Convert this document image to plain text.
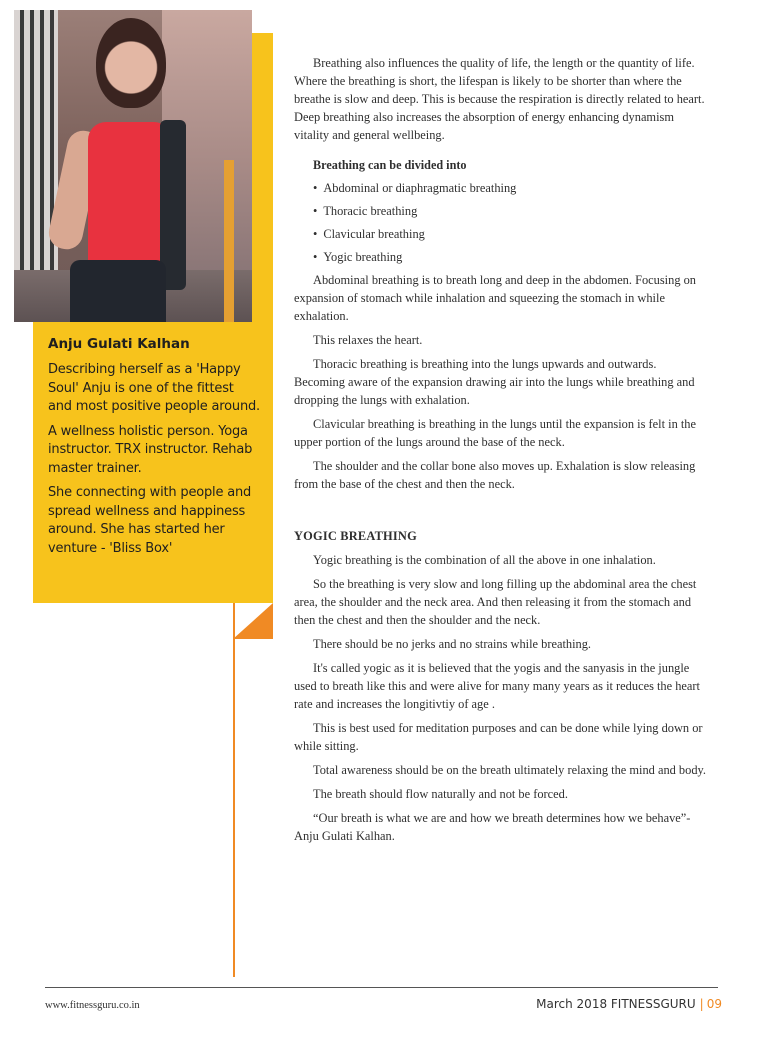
Anju Gulati Kalhan

Describing herself as a 'Happy Soul' Anju is one of the fittest and most positive people around.

A wellness holistic person. Yoga instructor. TRX instructor. Rehab master trainer.

She connecting with people and spread wellness and happiness around. She has started her venture - 'Bliss Box'

Breathing also influences the quality of life, the length or the quantity of life. Where the breathing is short, the lifespan is likely to be shorter than where the breathe is slow and deep. This is because the respiration is directly related to heart. Deep breathing also increases the absorption of energy enhancing dynamism vitality and general wellbeing.

Breathing can be divided into

• Abdominal or diaphragmatic breathing
• Thoracic breathing
• Clavicular breathing
• Yogic breathing

Abdominal breathing is to breath long and deep in the abdomen. Focusing on expansion of stomach while inhalation and squeezing the stomach in while exhalation.

This relaxes the heart.

Thoracic breathing is breathing into the lungs upwards and outwards. Becoming aware of the expansion drawing air into the lungs while breathing and dropping the lungs with exhalation.

Clavicular breathing is breathing in the lungs until the expansion is felt in the upper portion of the lungs around the base of the neck.

The shoulder and the collar bone also moves up. Exhalation is slow releasing from the base of the chest and then the neck.

YOGIC BREATHING

Yogic breathing is the combination of all the above in one inhalation.

So the breathing is very slow and long filling up the abdominal area the chest area, the shoulder and the neck area. And then releasing it from the stomach and then the chest and then the shoulder and the neck.

There should be no jerks and no strains while breathing.

It's called yogic as it is believed that the yogis and the sanyasis in the jungle used to breath like this and were alive for many many years as it reduces the heart rate and increases the longitivtiy of age .

This is best used for meditation purposes and can be done while lying down or while sitting.

Total awareness should be on the breath ultimately relaxing the mind and body.

The breath should flow naturally and not be forced.

“Our breath is what we are and how we breath determines how we behave”- Anju Gulati Kalhan.

www.fitnessguru.co.in	March 2018 FITNESSGURU | 09
